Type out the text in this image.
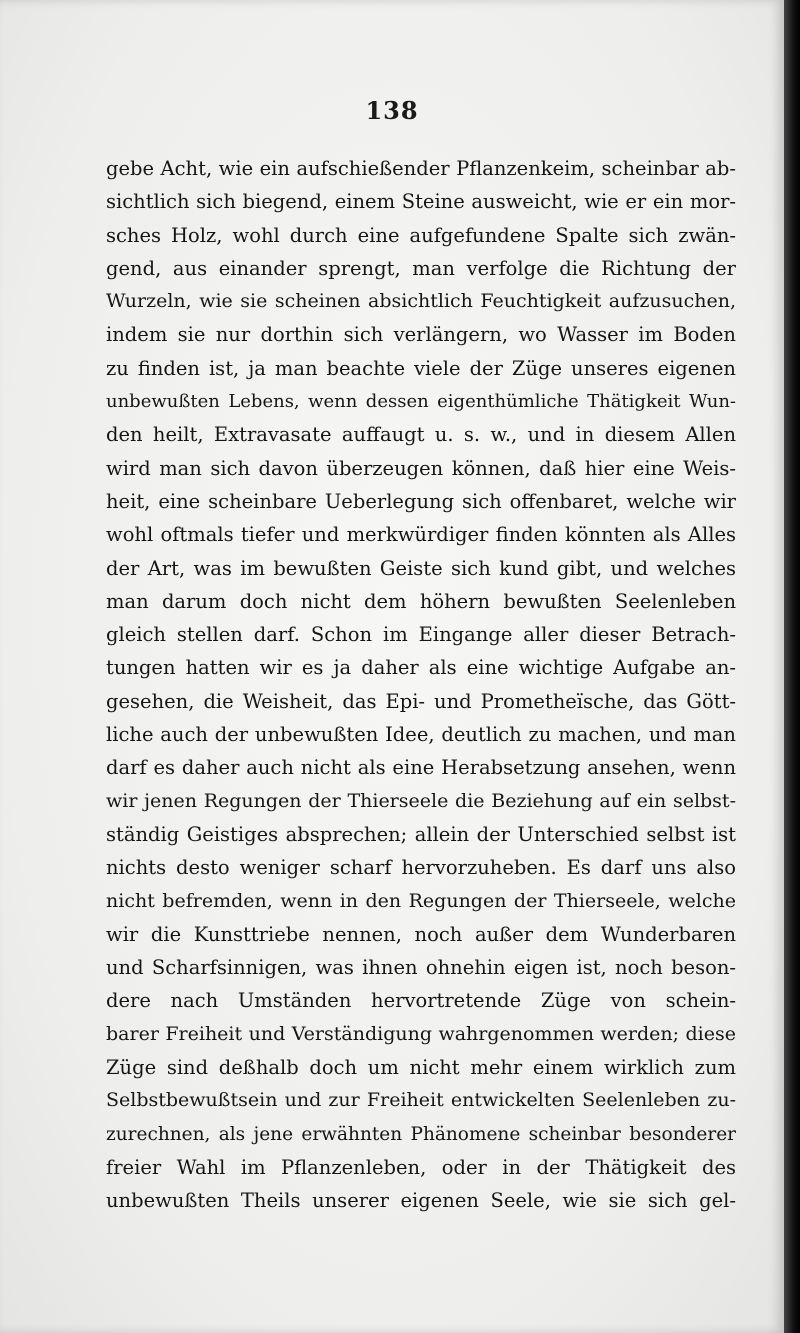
138
gebe Acht, wie ein aufschießender Pflanzenkeim, scheinbar ab-
sichtlich sich biegend, einem Steine ausweicht, wie er ein mor-
sches Holz, wohl durch eine aufgefundene Spalte sich zwän-
gend, aus einander sprengt, man verfolge die Richtung der
Wurzeln, wie sie scheinen absichtlich Feuchtigkeit aufzusuchen,
indem sie nur dorthin sich verlängern, wo Wasser im Boden
zu finden ist, ja man beachte viele der Züge unseres eigenen
unbewußten Lebens, wenn dessen eigenthümliche Thätigkeit Wun-
den heilt, Extravasate auffaugt u. s. w., und in diesem Allen
wird man sich davon überzeugen können, daß hier eine Weis-
heit, eine scheinbare Ueberlegung sich offenbaret, welche wir
wohl oftmals tiefer und merkwürdiger finden könnten als Alles
der Art, was im bewußten Geiste sich kund gibt, und welches
man darum doch nicht dem höhern bewußten Seelenleben
gleich stellen darf. Schon im Eingange aller dieser Betrach-
tungen hatten wir es ja daher als eine wichtige Aufgabe an-
gesehen, die Weisheit, das Epi- und Prometheïsche, das Gött-
liche auch der unbewußten Idee, deutlich zu machen, und man
darf es daher auch nicht als eine Herabsetzung ansehen, wenn
wir jenen Regungen der Thierseele die Beziehung auf ein selbst-
ständig Geistiges absprechen; allein der Unterschied selbst ist
nichts desto weniger scharf hervorzuheben. Es darf uns also
nicht befremden, wenn in den Regungen der Thierseele, welche
wir die Kunsttriebe nennen, noch außer dem Wunderbaren
und Scharfsinnigen, was ihnen ohnehin eigen ist, noch beson-
dere nach Umständen hervortretende Züge von schein-
barer Freiheit und Verständigung wahrgenommen werden; diese
Züge sind deßhalb doch um nicht mehr einem wirklich zum
Selbstbewußtsein und zur Freiheit entwickelten Seelenleben zu-
zurechnen, als jene erwähnten Phänomene scheinbar besonderer
freier Wahl im Pflanzenleben, oder in der Thätigkeit des
unbewußten Theils unserer eigenen Seele, wie sie sich gel-
